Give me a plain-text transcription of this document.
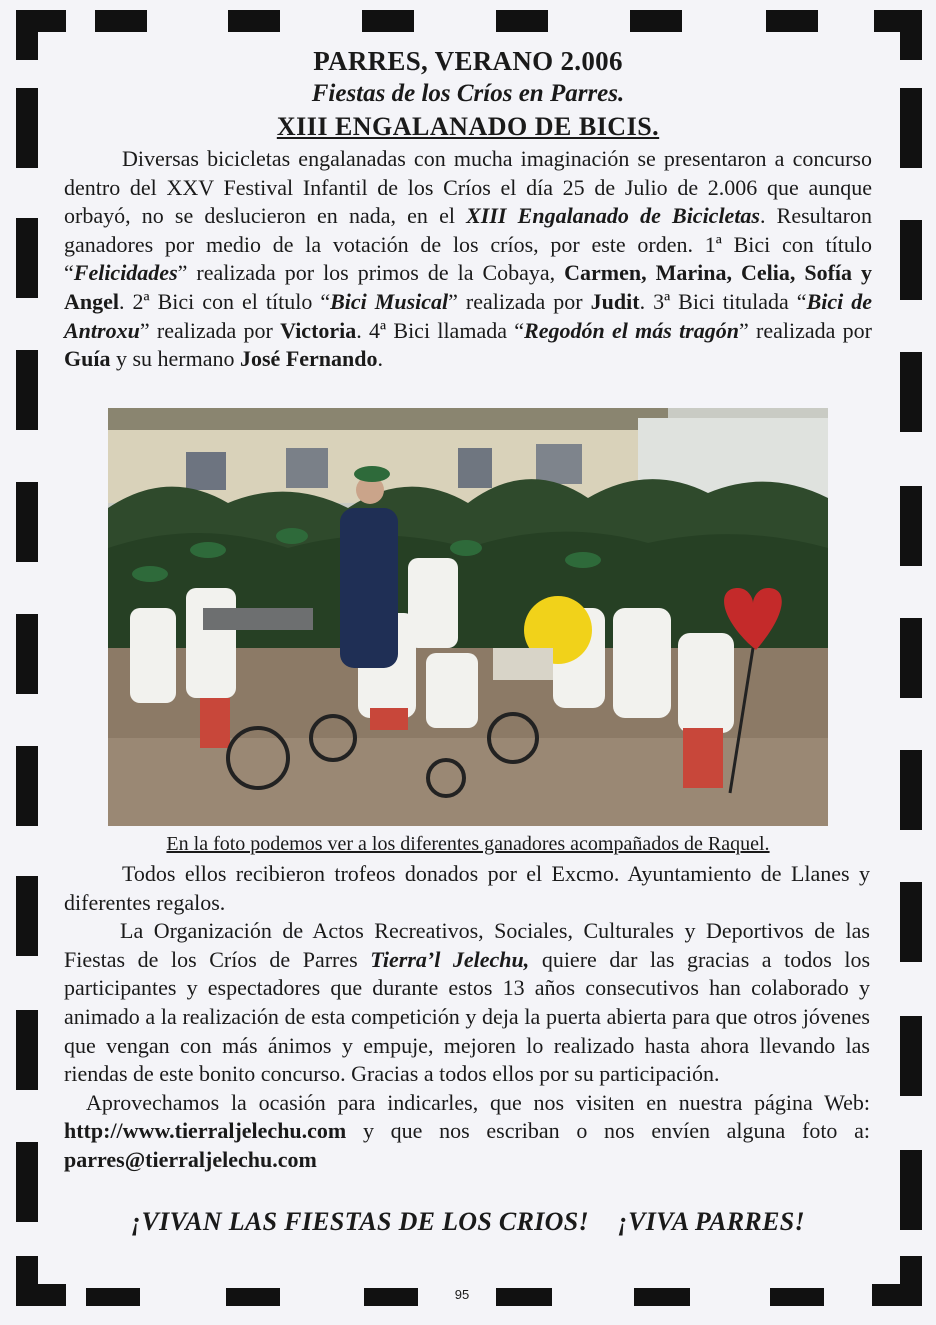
PARRES, VERANO 2.006

Fiestas de los Críos en Parres.

XIII ENGALANADO DE BICIS.

Diversas bicicletas engalanadas con mucha imaginación se presentaron a concurso dentro del XXV Festival Infantil de los Críos el día 25 de Julio de 2.006 que aunque orbayó, no se deslucieron en nada, en el XIII Engalanado de Bicicletas. Resultaron ganadores por medio de la votación de los críos, por este orden. 1ª Bici con título “Felicidades” realizada por los primos de la Cobaya, Carmen, Marina, Celia, Sofía y Angel. 2ª Bici con el título “Bici Musical” realizada por Judit. 3ª Bici titulada “Bici de Antroxu” realizada por Victoria. 4ª Bici llamada “Regodón el más tragón” realizada por Guía y su hermano José Fernando.

En la foto podemos ver a los diferentes ganadores acompañados de Raquel.

Todos ellos recibieron trofeos donados por el Excmo. Ayuntamiento de Llanes y diferentes regalos.

La Organización de Actos Recreativos, Sociales, Culturales y Deportivos de las Fiestas de los Críos de Parres Tierra’l Jelechu, quiere dar las gracias a todos los participantes y espectadores que durante estos 13 años consecutivos han colaborado y animado a la realización de esta competición y deja la puerta abierta para que otros jóvenes que vengan con más ánimos y empuje, mejoren lo realizado hasta ahora llevando las riendas de este bonito concurso. Gracias a todos ellos por su participación.

Aprovechamos la ocasión para indicarles, que nos visiten en nuestra página Web: http://www.tierraljelechu.com y que nos escriban o nos envíen alguna foto a: parres@tierraljelechu.com

¡VIVAN LAS FIESTAS DE LOS CRIOS! ¡VIVA PARRES!
95
